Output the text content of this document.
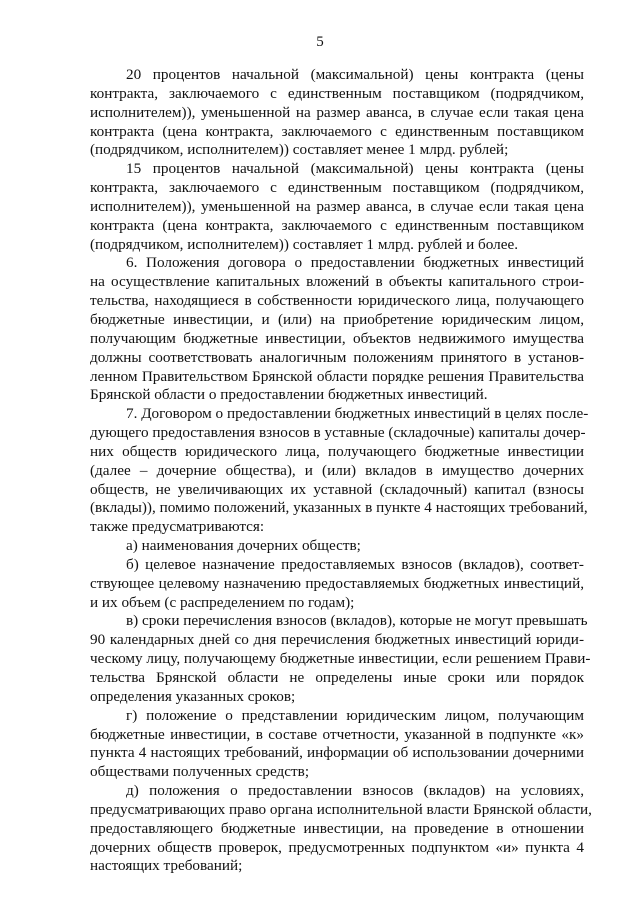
5
20 процентов начальной (максимальной) цены контракта (цены
контракта, заключаемого с единственным поставщиком (подрядчиком,
исполнителем)), уменьшенной на размер аванса, в случае если такая цена
контракта (цена контракта, заключаемого с единственным поставщиком
(подрядчиком, исполнителем)) составляет менее 1 млрд. рублей;
15 процентов начальной (максимальной) цены контракта (цены
контракта, заключаемого с единственным поставщиком (подрядчиком,
исполнителем)), уменьшенной на размер аванса, в случае если такая цена
контракта (цена контракта, заключаемого с единственным поставщиком
(подрядчиком, исполнителем)) составляет 1 млрд. рублей и более.
6. Положения договора о предоставлении бюджетных инвестиций
на осуществление капитальных вложений в объекты капитального строи-
тельства, находящиеся в собственности юридического лица, получающего
бюджетные инвестиции, и (или) на приобретение юридическим лицом,
получающим бюджетные инвестиции, объектов недвижимого имущества
должны соответствовать аналогичным положениям принятого в установ-
ленном Правительством Брянской области порядке решения Правительства
Брянской области о предоставлении бюджетных инвестиций.
7. Договором о предоставлении бюджетных инвестиций в целях после-
дующего предоставления взносов в уставные (складочные) капиталы дочер-
них обществ юридического лица, получающего бюджетные инвестиции
(далее – дочерние общества), и (или) вкладов в имущество дочерних
обществ, не увеличивающих их уставной (складочный) капитал (взносы
(вклады)), помимо положений, указанных в пункте 4 настоящих требований,
также предусматриваются:
а) наименования дочерних обществ;
б) целевое назначение предоставляемых взносов (вкладов), соответ-
ствующее целевому назначению предоставляемых бюджетных инвестиций,
и их объем (с распределением по годам);
в) сроки перечисления взносов (вкладов), которые не могут превышать
90 календарных дней со дня перечисления бюджетных инвестиций юриди-
ческому лицу, получающему бюджетные инвестиции, если решением Прави-
тельства Брянской области не определены иные сроки или порядок
определения указанных сроков;
г) положение о представлении юридическим лицом, получающим
бюджетные инвестиции, в составе отчетности, указанной в подпункте «к»
пункта 4 настоящих требований, информации об использовании дочерними
обществами полученных средств;
д) положения о предоставлении взносов (вкладов) на условиях,
предусматривающих право органа исполнительной власти Брянской области,
предоставляющего бюджетные инвестиции, на проведение в отношении
дочерних обществ проверок, предусмотренных подпунктом «и» пункта 4
настоящих требований;
